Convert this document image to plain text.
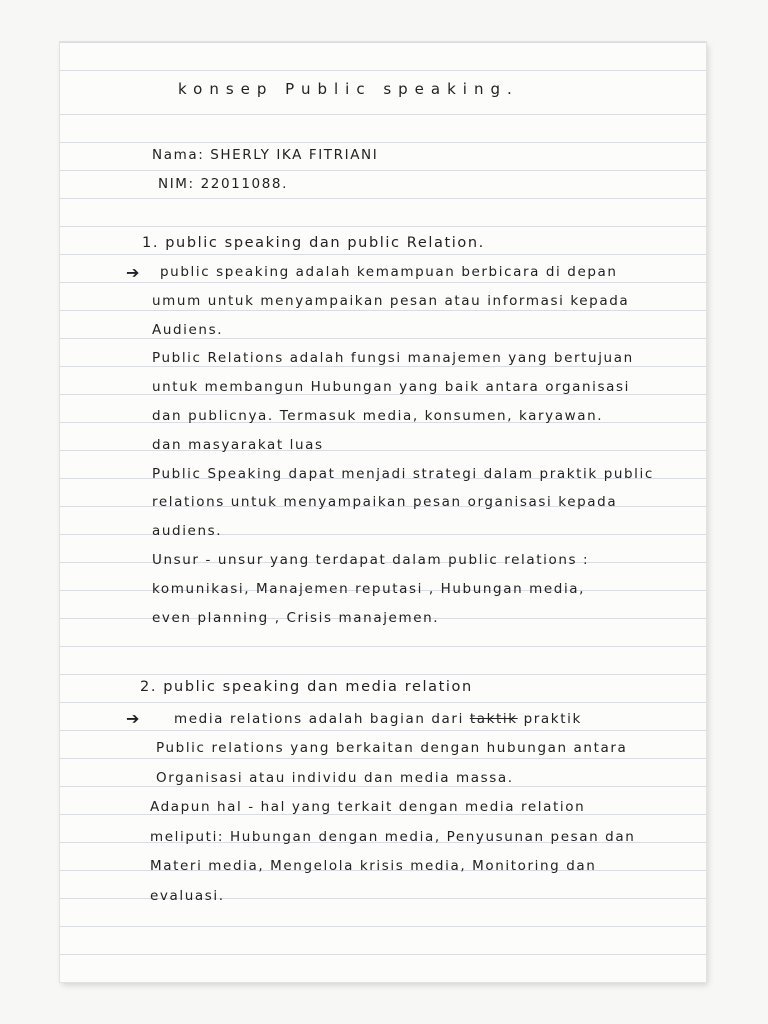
konsep Public speaking.
Nama: SHERLY IKA FITRIANI
NIM: 22011088.
1. public speaking dan public Relation.
➔ public speaking adalah kemampuan berbicara di depan
umum untuk menyampaikan pesan atau informasi kepada
Audiens.
Public Relations adalah fungsi manajemen yang bertujuan
untuk membangun Hubungan yang baik antara organisasi
dan publicnya. Termasuk media, konsumen, karyawan.
dan masyarakat luas
Public Speaking dapat menjadi strategi dalam praktik public
relations untuk menyampaikan pesan organisasi kepada
audiens.
Unsur - unsur yang terdapat dalam public relations :
komunikasi, Manajemen reputasi , Hubungan media,
even planning , Crisis manajemen.
2. public speaking dan media relation
➔	media relations adalah bagian dari taktik praktik
Public relations yang berkaitan dengan hubungan antara
Organisasi atau individu dan media massa.
Adapun hal - hal yang terkait dengan media relation
meliputi: Hubungan dengan media, Penyusunan pesan dan
Materi media, Mengelola krisis media, Monitoring dan
evaluasi.
